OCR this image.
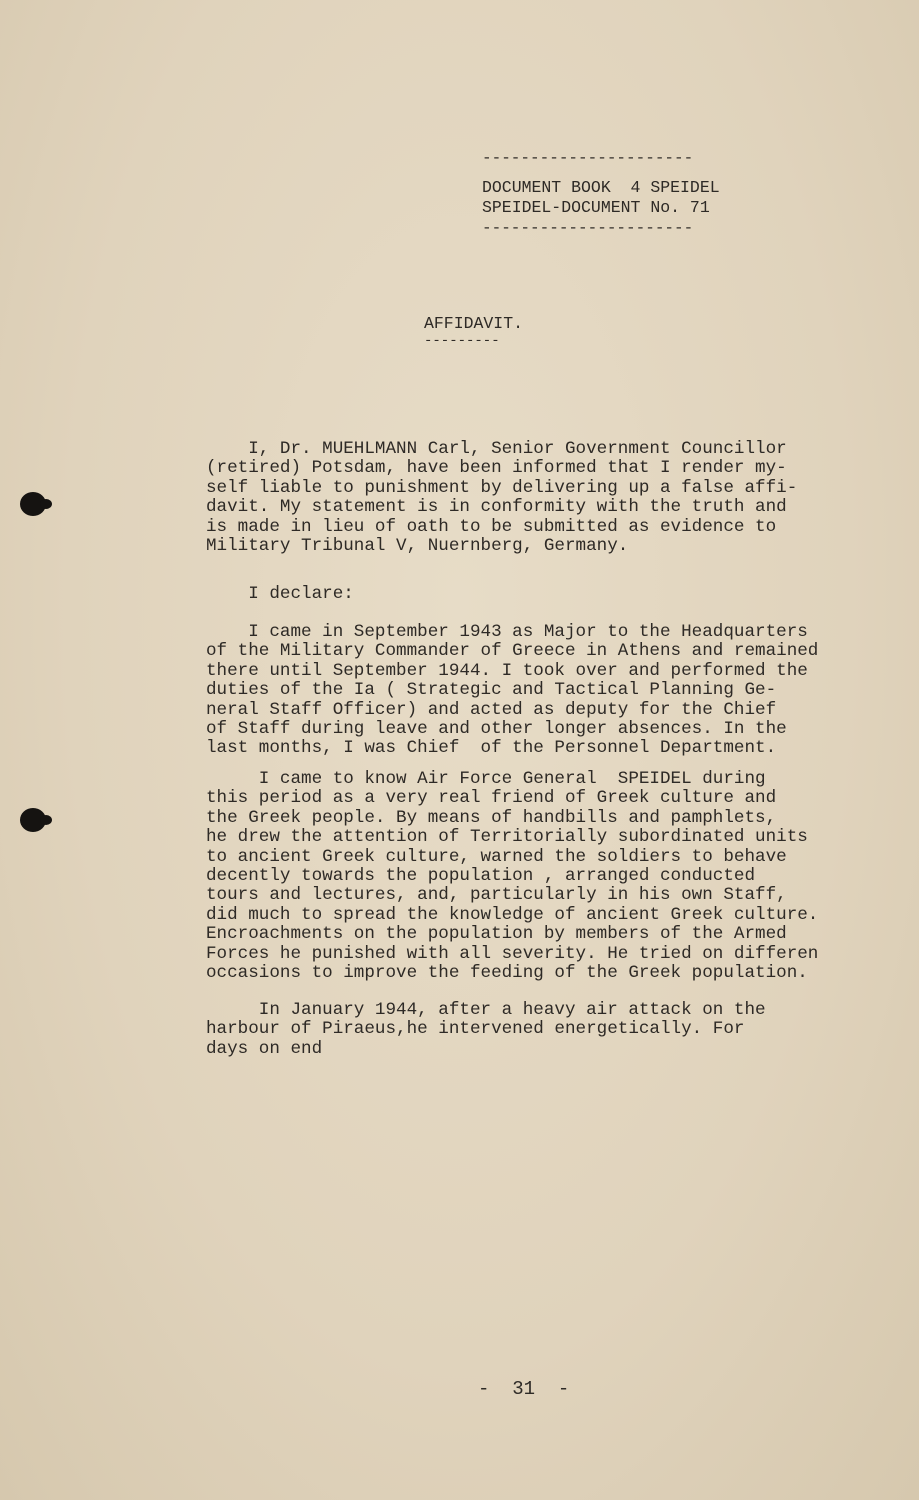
----------------------
DOCUMENT BOOK  4 SPEIDEL
SPEIDEL-DOCUMENT No. 71
----------------------
AFFIDAVIT.
---------
I, Dr. MUEHLMANN Carl, Senior Government Councillor
(retired) Potsdam, have been informed that I render my-
self liable to punishment by delivering up a false affi-
davit. My statement is in conformity with the truth and
is made in lieu of oath to be submitted as evidence to
Military Tribunal V, Nuernberg, Germany.
I declare:
I came in September 1943 as Major to the Headquarters
of the Military Commander of Greece in Athens and remained
there until September 1944. I took over and performed the
duties of the Ia ( Strategic and Tactical Planning Ge-
neral Staff Officer) and acted as deputy for the Chief
of Staff during leave and other longer absences. In the
last months, I was Chief  of the Personnel Department.
I came to know Air Force General  SPEIDEL during
this period as a very real friend of Greek culture and
the Greek people. By means of handbills and pamphlets,
he drew the attention of Territorially subordinated units
to ancient Greek culture, warned the soldiers to behave
decently towards the population , arranged conducted
tours and lectures, and, particularly in his own Staff,
did much to spread the knowledge of ancient Greek culture.
Encroachments on the population by members of the Armed
Forces he punished with all severity. He tried on differen
occasions to improve the feeding of the Greek population.
In January 1944, after a heavy air attack on the
harbour of Piraeus,he intervened energetically. For
days on end
-  31  -
